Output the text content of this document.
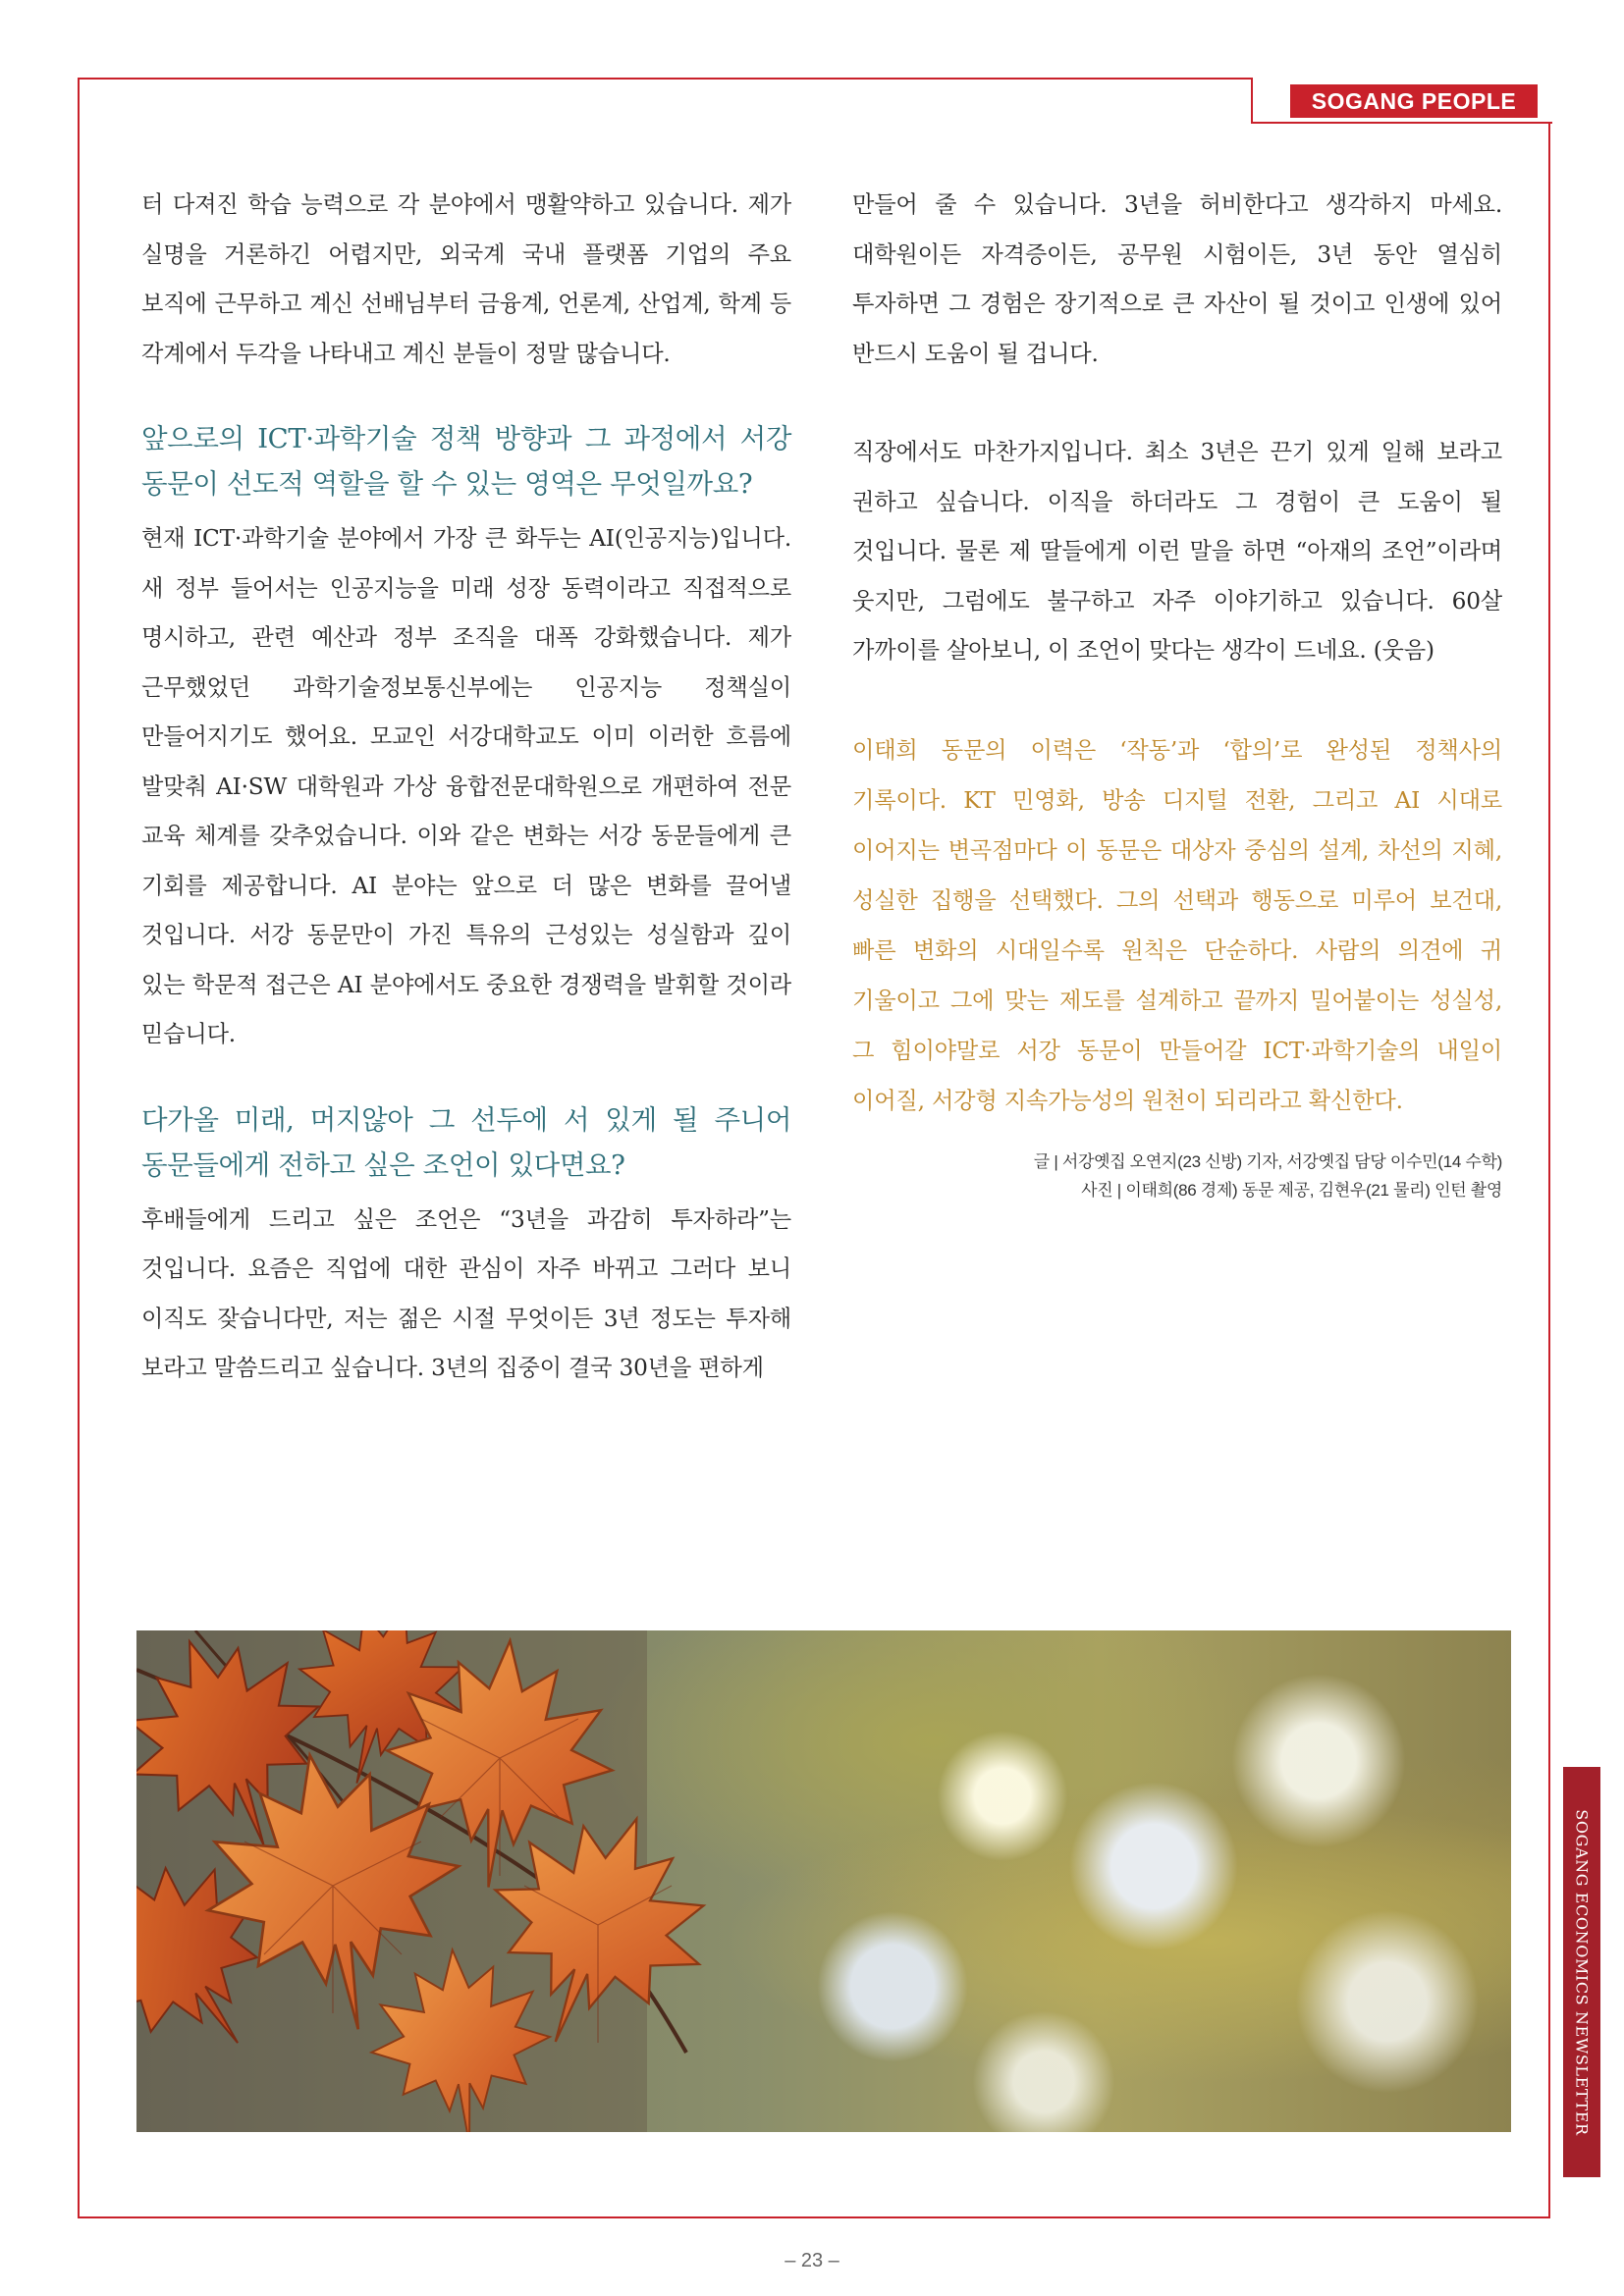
SOGANG PEOPLE

터 다져진 학습 능력으로 각 분야에서 맹활약하고 있습니다. 제가 실명을 거론하긴 어렵지만, 외국계 국내 플랫폼 기업의 주요 보직에 근무하고 계신 선배님부터 금융계, 언론계, 산업계, 학계 등 각계에서 두각을 나타내고 계신 분들이 정말 많습니다.

앞으로의 ICT·과학기술 정책 방향과 그 과정에서 서강 동문이 선도적 역할을 할 수 있는 영역은 무엇일까요?

현재 ICT·과학기술 분야에서 가장 큰 화두는 AI(인공지능)입니다. 새 정부 들어서는 인공지능을 미래 성장 동력이라고 직접적으로 명시하고, 관련 예산과 정부 조직을 대폭 강화했습니다. 제가 근무했었던 과학기술정보통신부에는 인공지능 정책실이 만들어지기도 했어요. 모교인 서강대학교도 이미 이러한 흐름에 발맞춰 AI·SW 대학원과 가상 융합전문대학원으로 개편하여 전문 교육 체계를 갖추었습니다. 이와 같은 변화는 서강 동문들에게 큰 기회를 제공합니다. AI 분야는 앞으로 더 많은 변화를 끌어낼 것입니다. 서강 동문만이 가진 특유의 근성있는 성실함과 깊이 있는 학문적 접근은 AI 분야에서도 중요한 경쟁력을 발휘할 것이라 믿습니다.

다가올 미래, 머지않아 그 선두에 서 있게 될 주니어 동문들에게 전하고 싶은 조언이 있다면요?

후배들에게 드리고 싶은 조언은 “3년을 과감히 투자하라”는 것입니다. 요즘은 직업에 대한 관심이 자주 바뀌고 그러다 보니 이직도 잦습니다만, 저는 젊은 시절 무엇이든 3년 정도는 투자해 보라고 말씀드리고 싶습니다. 3년의 집중이 결국 30년을 편하게

만들어 줄 수 있습니다. 3년을 허비한다고 생각하지 마세요. 대학원이든 자격증이든, 공무원 시험이든, 3년 동안 열심히 투자하면 그 경험은 장기적으로 큰 자산이 될 것이고 인생에 있어 반드시 도움이 될 겁니다.

직장에서도 마찬가지입니다. 최소 3년은 끈기 있게 일해 보라고 권하고 싶습니다. 이직을 하더라도 그 경험이 큰 도움이 될 것입니다. 물론 제 딸들에게 이런 말을 하면 “아재의 조언”이라며 웃지만, 그럼에도 불구하고 자주 이야기하고 있습니다. 60살 가까이를 살아보니, 이 조언이 맞다는 생각이 드네요. (웃음)

이태희 동문의 이력은 ‘작동’과 ‘합의’로 완성된 정책사의 기록이다. KT 민영화, 방송 디지털 전환, 그리고 AI 시대로 이어지는 변곡점마다 이 동문은 대상자 중심의 설계, 차선의 지혜, 성실한 집행을 선택했다. 그의 선택과 행동으로 미루어 보건대, 빠른 변화의 시대일수록 원칙은 단순하다. 사람의 의견에 귀 기울이고 그에 맞는 제도를 설계하고 끝까지 밀어붙이는 성실성, 그 힘이야말로 서강 동문이 만들어갈 ICT·과학기술의 내일이 이어질, 서강형 지속가능성의 원천이 되리라고 확신한다.

글 | 서강옛집 오연지(23 신방) 기자, 서강옛집 담당 이수민(14 수학)
사진 | 이태희(86 경제) 동문 제공, 김현우(21 물리) 인턴 촬영
SOGANG ECONOMICS NEWSLETTER
– 23 –
